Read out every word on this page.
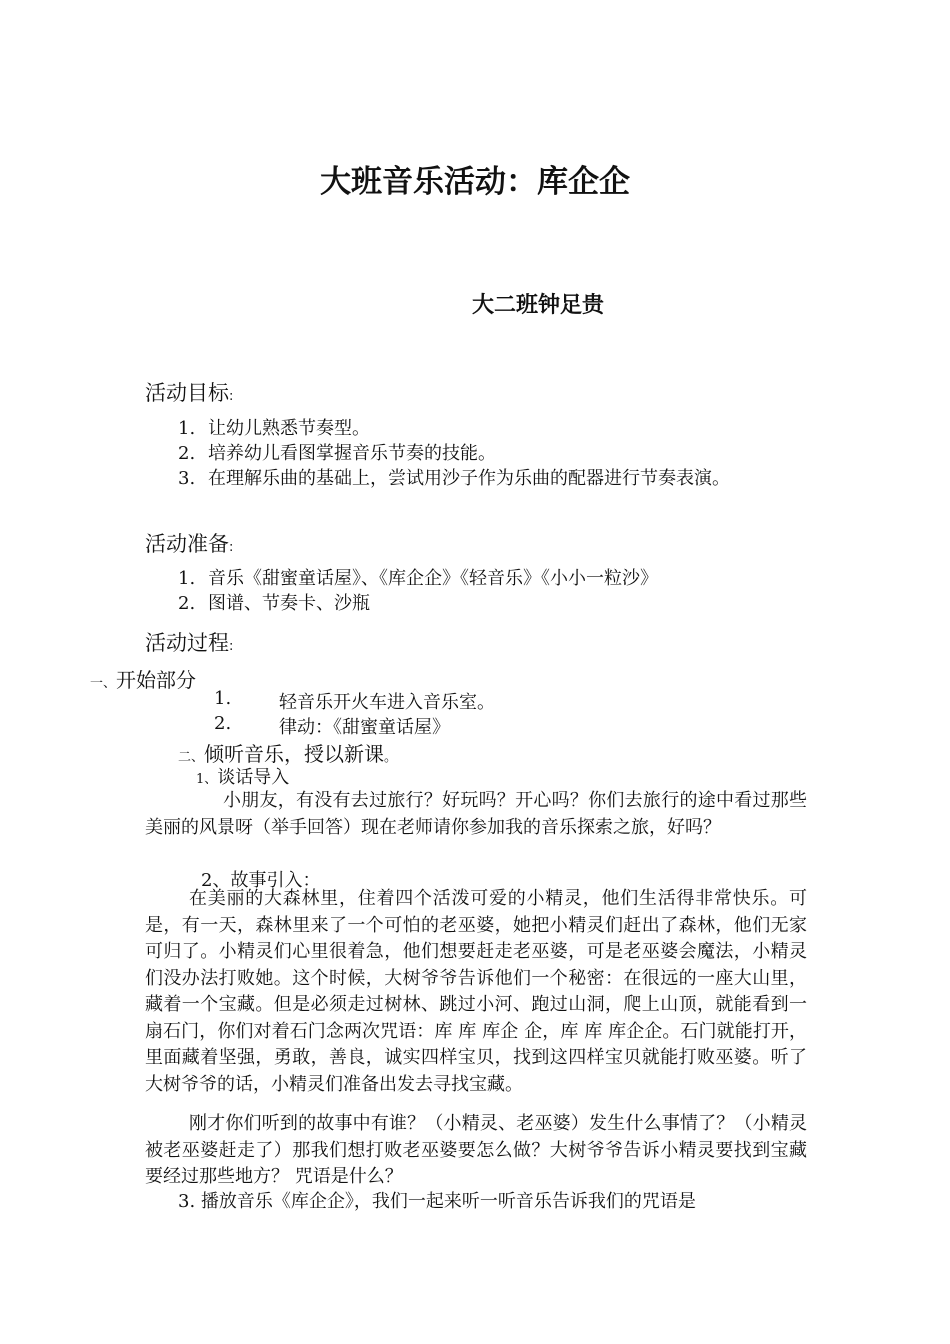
大班音乐活动：库企企
大二班钟足贵
活动目标:
1. 让幼儿熟悉节奏型。
2. 培养幼儿看图掌握音乐节奏的技能。
3. 在理解乐曲的基础上，尝试用沙子作为乐曲的配器进行节奏表演。
活动准备:
1. 音乐《甜蜜童话屋》、《库企企》《轻音乐》《小小一粒沙》
2. 图谱、节奏卡、沙瓶
活动过程:
一、开始部分
1.	轻音乐开火车进入音乐室。
2.	律动：《甜蜜童话屋》
二、倾听音乐，授以新课。
1、谈话导入
小朋友，有没有去过旅行？好玩吗？开心吗？你们去旅行的途中看过那些美丽的风景呀（举手回答）现在老师请你参加我的音乐探索之旅，好吗？
2、故事引入：
在美丽的大森林里，住着四个活泼可爱的小精灵，他们生活得非常快乐。可是，有一天，森林里来了一个可怕的老巫婆，她把小精灵们赶出了森林，他们无家可归了。小精灵们心里很着急，他们想要赶走老巫婆，可是老巫婆会魔法，小精灵们没办法打败她。这个时候，大树爷爷告诉他们一个秘密：在很远的一座大山里，藏着一个宝藏。但是必须走过树林、跳过小河、跑过山洞，爬上山顶，就能看到一扇石门，你们对着石门念两次咒语：库 库 库企 企，库 库 库企企。石门就能打开，里面藏着坚强，勇敢，善良，诚实四样宝贝，找到这四样宝贝就能打败巫婆。听了大树爷爷的话，小精灵们准备出发去寻找宝藏。
刚才你们听到的故事中有谁？（小精灵、老巫婆）发生什么事情了？（小精灵被老巫婆赶走了）那我们想打败老巫婆要怎么做？大树爷爷告诉小精灵要找到宝藏要经过那些地方？ 咒语是什么？
3. 播放音乐《库企企》，我们一起来听一听音乐告诉我们的咒语是
